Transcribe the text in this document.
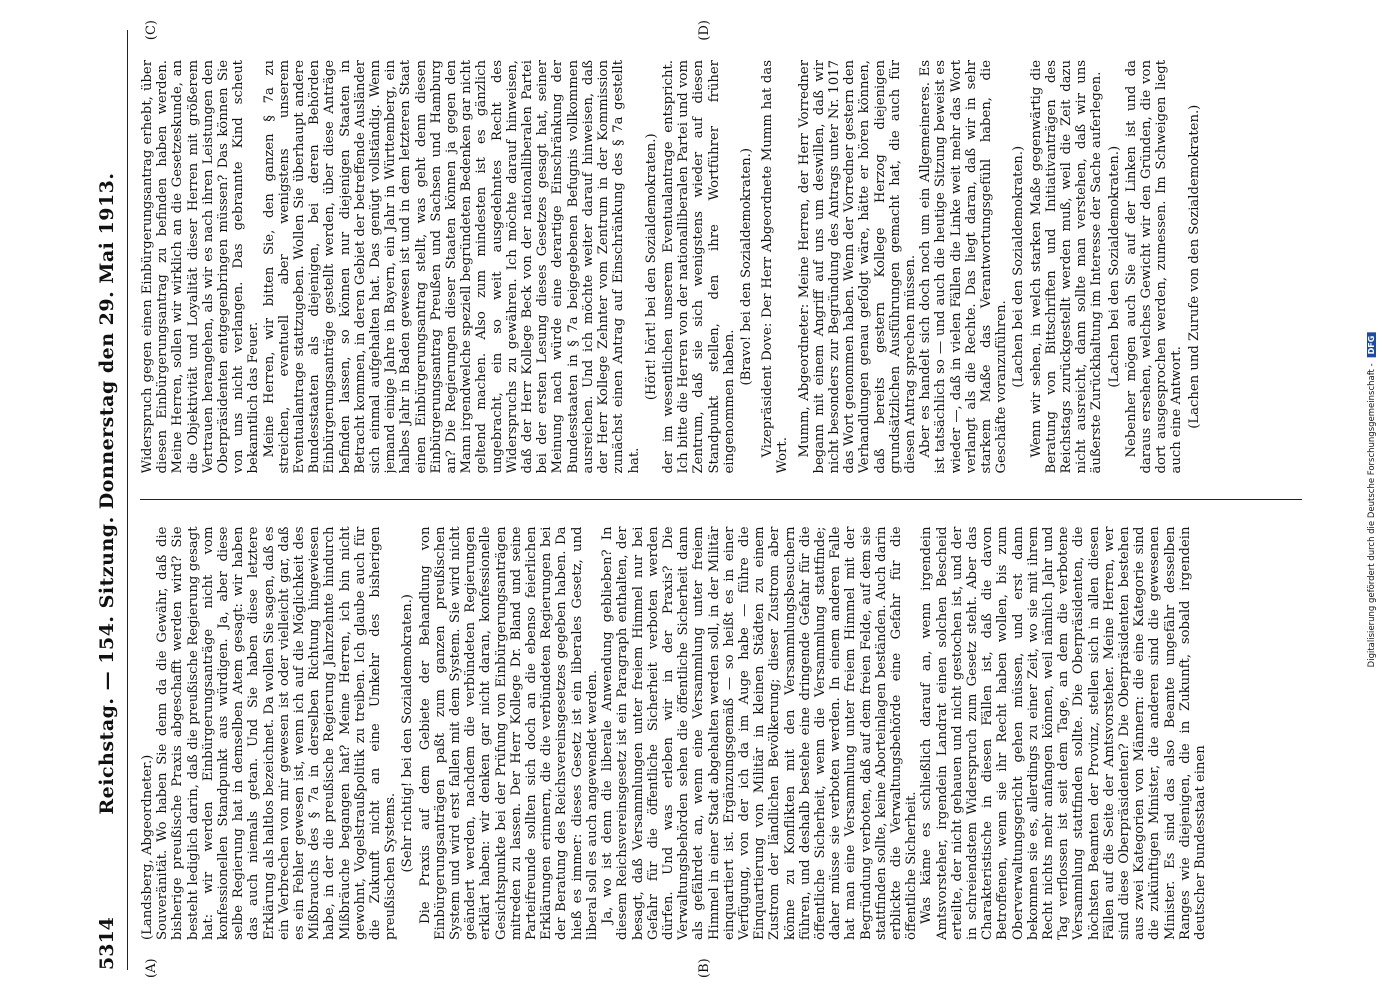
5314
Reichstag. — 154. Sitzung. Donnerstag den 29. Mai 1913.
(A)	(B)
(C)	(D)

(Landsberg, Abgeordneter.) Souveränität. Wo haben Sie denn da die Gewähr, daß die bisherige preußische Praxis abgeschafft werden wird? Sie besteht lediglich darin, daß die preußische Regierung gesagt hat: wir werden Einbürgerungsanträge nicht vom konfessionellen Standpunkt aus würdigen. Ja, aber diese selbe Regierung hat in demselben Atem gesagt: wir haben das auch niemals getan. Und Sie haben diese letztere Erklärung als haltlos bezeichnet. Da wollen Sie sagen, daß es ein Verbrechen von mir gewesen ist oder vielleicht gar, daß es ein Fehler gewesen ist, wenn ich auf die Möglichkeit des Mißbrauchs des § 7a in derselben Richtung hingewiesen habe, in der die preußische Regierung Jahrzehnte hindurch Mißbräuche begangen hat? Meine Herren, ich bin nicht gewohnt, Vogelstraußpolitik zu treiben. Ich glaube auch für die Zukunft nicht an eine Umkehr des bisherigen preußischen Systems. (Sehr richtig! bei den Sozialdemokraten.) Die Praxis auf dem Gebiete der Behandlung von Einbürgerungsanträgen paßt zum ganzen preußischen System und wird erst fallen mit dem System. Sie wird nicht geändert werden, nachdem die verbündeten Regierungen erklärt haben: wir denken gar nicht daran, konfessionelle Gesichtspunkte bei der Prüfung von Einbürgerungsanträgen mitreden zu lassen. Der Herr Kollege Dr. Bland und seine Parteifreunde sollten sich doch an die ebenso feierlichen Erklärungen erinnern, die die verbündeten Regierungen bei der Beratung des Reichsvereinsgesetzes gegeben haben. Da hieß es immer: dieses Gesetz ist ein liberales Gesetz, und liberal soll es auch angewendet werden. Ja, wo ist denn die liberale Anwendung geblieben? In diesem Reichsvereinsgesetz ist ein Paragraph enthalten, der besagt, daß Versammlungen unter freiem Himmel nur bei Gefahr für die öffentliche Sicherheit verboten werden dürfen. Und was erleben wir in der Praxis? Die Verwaltungsbehörden sehen die öffentliche Sicherheit dann als gefährdet an, wenn eine Versammlung unter freiem Himmel in einer Stadt abgehalten werden soll, in der Militär einquartiert ist. Ergänzungsgemäß — so heißt es in einer Verfügung, von der ich da im Auge habe — führe die Einquartierung von Militär in kleinen Städten zu einem Zustrom der ländlichen Bevölkerung; dieser Zustrom aber könne zu Konflikten mit den Versammlungsbesuchern führen, und deshalb bestehe eine dringende Gefahr für die öffentliche Sicherheit, wenn die Versammlung stattfinde; daher müsse sie verboten werden. In einem anderen Falle hat man eine Versammlung unter freiem Himmel mit der Begründung verboten, daß auf dem freien Felde, auf dem sie stattfinden sollte, keine Aborteinlagen beständen. Auch darin erblickte die Verwaltungsbehörde eine Gefahr für die öffentliche Sicherheit. Was käme es schließlich darauf an, wenn irgendein Amtsvorsteher, irgendein Landrat einen solchen Bescheid erteilte, der nicht gehauen und nicht gestochen ist, und der in schreiendstem Widerspruch zum Gesetz steht. Aber das Charakteristische in diesen Fällen ist, daß die davon Betroffenen, wenn sie ihr Recht haben wollen, bis zum Oberverwaltungsgericht gehen müssen, und erst dann bekommen sie es, allerdings zu einer Zeit, wo sie mit ihrem Recht nichts mehr anfangen können, weil nämlich Jahr und Tag verflossen ist seit dem Tage, an dem die verbotene Versammlung stattfinden sollte. Die Oberpräsidenten, die höchsten Beamten der Provinz, stellen sich in allen diesen Fällen auf die Seite der Amtsvorsteher. Meine Herren, wer sind diese Oberpräsidenten? Die Oberpräsidenten bestehen aus zwei Kategorien von Männern: die eine Kategorie sind die zukünftigen Minister, die anderen sind die gewesenen Minister. Es sind das also Beamte ungefähr desselben Ranges wie diejenigen, die in Zukunft, sobald irgendein deutscher Bundesstaat einen

Widerspruch gegen einen Einbürgerungsantrag erhebt, über diesen Einbürgerungsantrag zu befinden haben werden. Meine Herren, sollen wir wirklich an die Gesetzeskunde, an die Objektivität und Loyalität dieser Herren mit größerem Vertrauen herangehen, als wir es nach ihren Leistungen den Oberpräsidenten entgegenbringen müssen? Das können Sie von uns nicht verlangen. Das gebrannte Kind scheut bekanntlich das Feuer. Meine Herren, wir bitten Sie, den ganzen § 7a zu streichen, eventuell aber wenigstens unserem Eventualantrage stattzugeben. Wollen Sie überhaupt andere Bundesstaaten als diejenigen, bei deren Behörden Einbürgerungsanträge gestellt werden, über diese Anträge befinden lassen, so können nur diejenigen Staaten in Betracht kommen, in deren Gebiet der betreffende Ausländer sich einmal aufgehalten hat. Das genügt vollständig. Wenn jemand einige Jahre in Bayern, ein Jahr in Württemberg, ein halbes Jahr in Baden gewesen ist und in dem letzteren Staat einen Einbürgerungsantrag stellt, was geht denn diesen Einbürgerungsantrag Preußen und Sachsen und Hamburg an? Die Regierungen dieser Staaten können ja gegen den Mann irgendwelche speziell begründeten Bedenken gar nicht geltend machen. Also zum mindesten ist es gänzlich ungebracht, ein so weit ausgedehntes Recht des Widerspruchs zu gewähren. Ich möchte darauf hinweisen, daß der Herr Kollege Beck von der nationalliberalen Partei bei der ersten Lesung dieses Gesetzes gesagt hat, seiner Meinung nach würde eine derartige Einschränkung der Bundesstaaten in § 7a beigegebenen Befugnis vollkommen ausreichen. Und ich möchte weiter darauf hinweisen, daß der Herr Kollege Zehnter vom Zentrum in der Kommission zunächst einen Antrag auf Einschränkung des § 7a gestellt hat.

(Hört! hört! bei den Sozialdemokraten.) der im wesentlichen unserem Eventualantrage entspricht. Ich bitte die Herren von der nationalliberalen Partei und vom Zentrum, daß sie sich wenigstens wieder auf diesen Standpunkt stellen, den ihre Wortführer früher eingenommen haben.

(Bravo! bei den Sozialdemokraten.) Vizepräsident Dove: Der Herr Abgeordnete Mumm hat das Wort. Mumm, Abgeordneter: Meine Herren, der Herr Vorredner begann mit einem Angriff auf uns um deswillen, daß wir nicht besonders zur Begründung des Antrags unter Nr. 1017 das Wort genommen haben. Wenn der Vorredner gestern den Verhandlungen genau gefolgt wäre, hätte er hören können, daß bereits gestern Kollege Herzog diejenigen grundsätzlichen Ausführungen gemacht hat, die auch für diesen Antrag sprechen müssen. Aber es handelt sich doch noch um ein Allgemeineres. Es ist tatsächlich so — und auch die heutige Sitzung beweist es wieder —, daß in vielen Fällen die Linke weit mehr das Wort verlangt als die Rechte. Das liegt daran, daß wir in sehr starkem Maße das Verantwortungsgefühl haben, die Geschäfte voranzuführen. (Lachen bei den Sozialdemokraten.) Wenn wir sehen, in welch starken Maße gegenwärtig die Beratung von Bittschriften und Initiativanträgen des Reichstags zurückgestellt werden muß, weil die Zeit dazu nicht ausreicht, dann sollte man verstehen, daß wir uns äußerste Zurückhaltung im Interesse der Sache auferlegen. (Lachen bei den Sozialdemokraten.) Nebenher mögen auch Sie auf der Linken ist und da daraus ersehen, welches Gewicht wir den Gründen, die von dort ausgesprochen werden, zumessen. Im Schweigen liegt auch eine Antwort. (Lachen und Zurufe von den Sozialdemokraten.)

Digitalisierung gefördert durch die Deutsche Forschungsgemeinschaft -DFG
